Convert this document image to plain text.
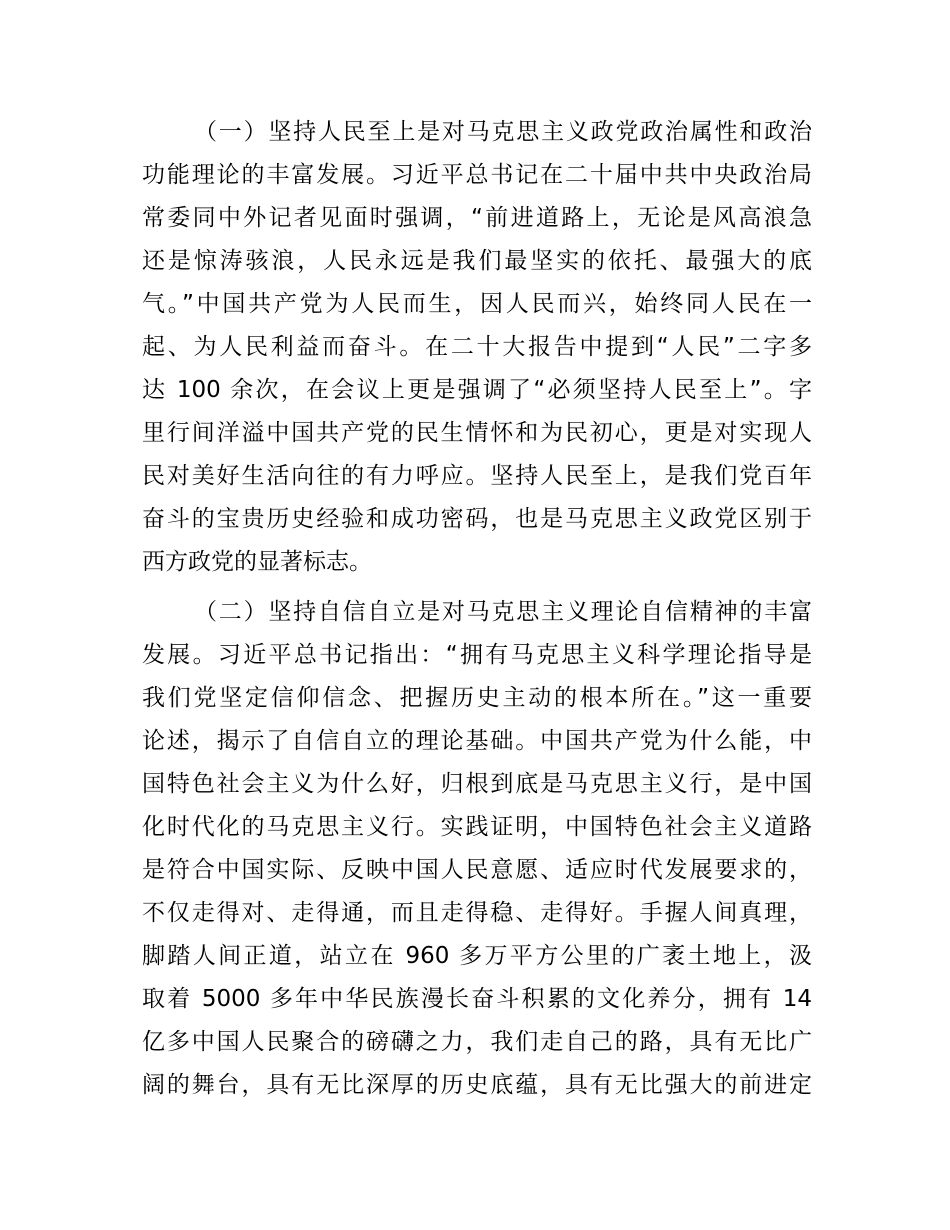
（一）坚持人民至上是对马克思主义政党政治属性和政治
功能理论的丰富发展。习近平总书记在二十届中共中央政治局
常委同中外记者见面时强调，“前进道路上，无论是风高浪急
还是惊涛骇浪，人民永远是我们最坚实的依托、最强大的底
气。”中国共产党为人民而生，因人民而兴，始终同人民在一
起、为人民利益而奋斗。在二十大报告中提到“人民”二字多
达 100 余次，在会议上更是强调了“必须坚持人民至上”。字
里行间洋溢中国共产党的民生情怀和为民初心，更是对实现人
民对美好生活向往的有力呼应。坚持人民至上，是我们党百年
奋斗的宝贵历史经验和成功密码，也是马克思主义政党区别于
西方政党的显著标志。
（二）坚持自信自立是对马克思主义理论自信精神的丰富
发展。习近平总书记指出：“拥有马克思主义科学理论指导是
我们党坚定信仰信念、把握历史主动的根本所在。”这一重要
论述，揭示了自信自立的理论基础。中国共产党为什么能，中
国特色社会主义为什么好，归根到底是马克思主义行，是中国
化时代化的马克思主义行。实践证明，中国特色社会主义道路
是符合中国实际、反映中国人民意愿、适应时代发展要求的，
不仅走得对、走得通，而且走得稳、走得好。手握人间真理，
脚踏人间正道，站立在 960 多万平方公里的广袤土地上，汲
取着 5000 多年中华民族漫长奋斗积累的文化养分，拥有 14
亿多中国人民聚合的磅礴之力，我们走自己的路，具有无比广
阔的舞台，具有无比深厚的历史底蕴，具有无比强大的前进定
